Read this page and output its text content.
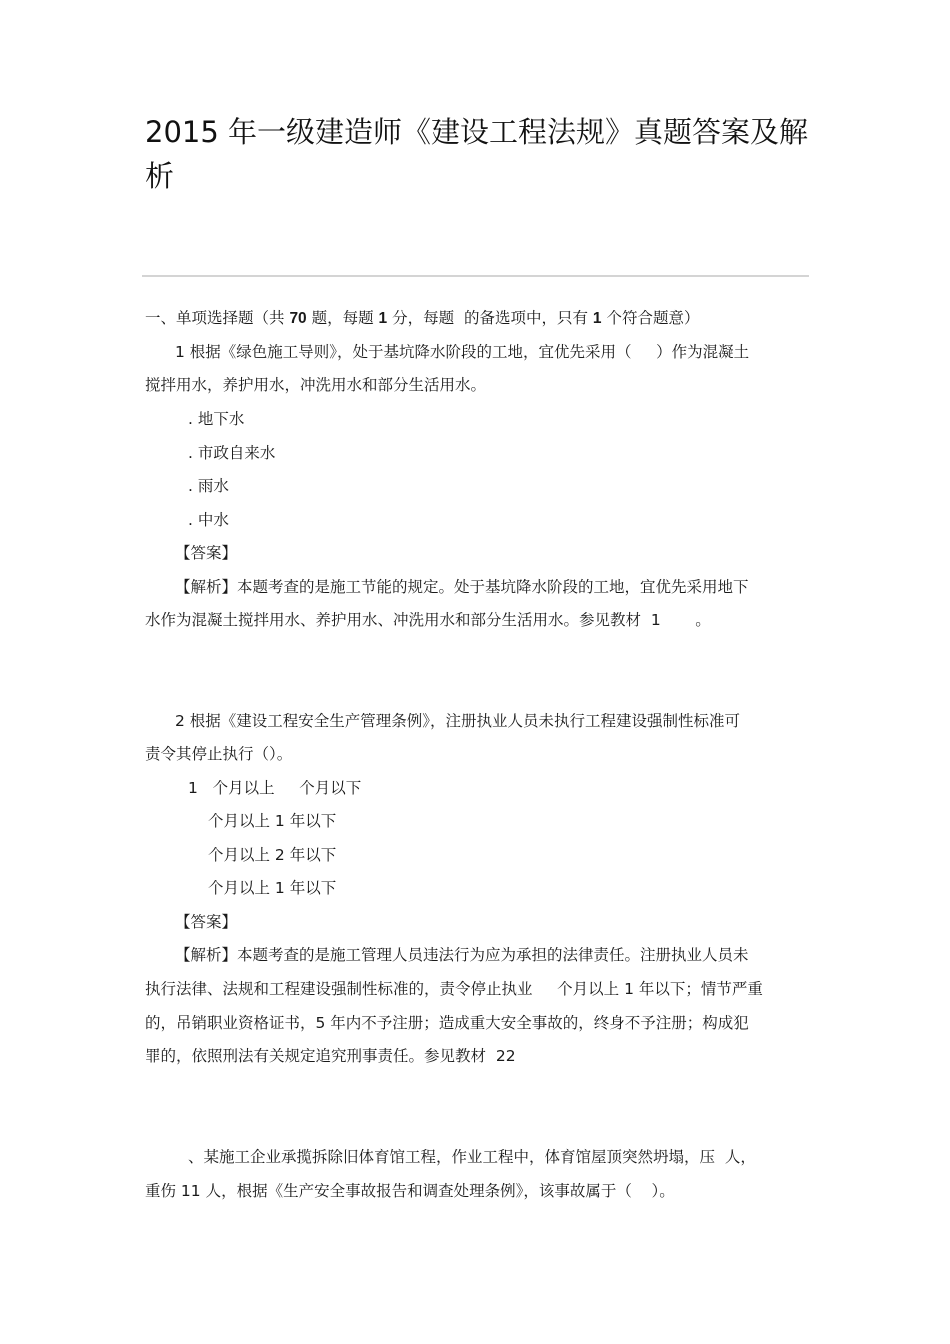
2015 年一级建造师《建设工程法规》真题答案及解
析
一、单项选择题（共 70 题，每题 1 分，每题  的备选项中，只有 1 个符合题意）
1 根据《绿色施工导则》，处于基坑降水阶段的工地，宜优先采用（     ）作为混凝土
搅拌用水，养护用水，冲洗用水和部分生活用水。
. 地下水
. 市政自来水
. 雨水
. 中水
【答案】
【解析】本题考查的是施工节能的规定。处于基坑降水阶段的工地，宜优先采用地下
水作为混凝土搅拌用水、养护用水、冲洗用水和部分生活用水。参见教材  1       。
2 根据《建设工程安全生产管理条例》，注册执业人员未执行工程建设强制性标准可
责令其停止执行（）。
1   个月以上     个月以下
个月以上 1 年以下
个月以上 2 年以下
个月以上 1 年以下
【答案】
【解析】本题考查的是施工管理人员违法行为应为承担的法律责任。注册执业人员未
执行法律、法规和工程建设强制性标准的，责令停止执业     个月以上 1 年以下；情节严重
的，吊销职业资格证书，5 年内不予注册；造成重大安全事故的，终身不予注册；构成犯
罪的，依照刑法有关规定追究刑事责任。参见教材  22
、某施工企业承揽拆除旧体育馆工程，作业工程中，体育馆屋顶突然坍塌，压  人，
重伤 11 人，根据《生产安全事故报告和调查处理条例》，该事故属于（    ）。
